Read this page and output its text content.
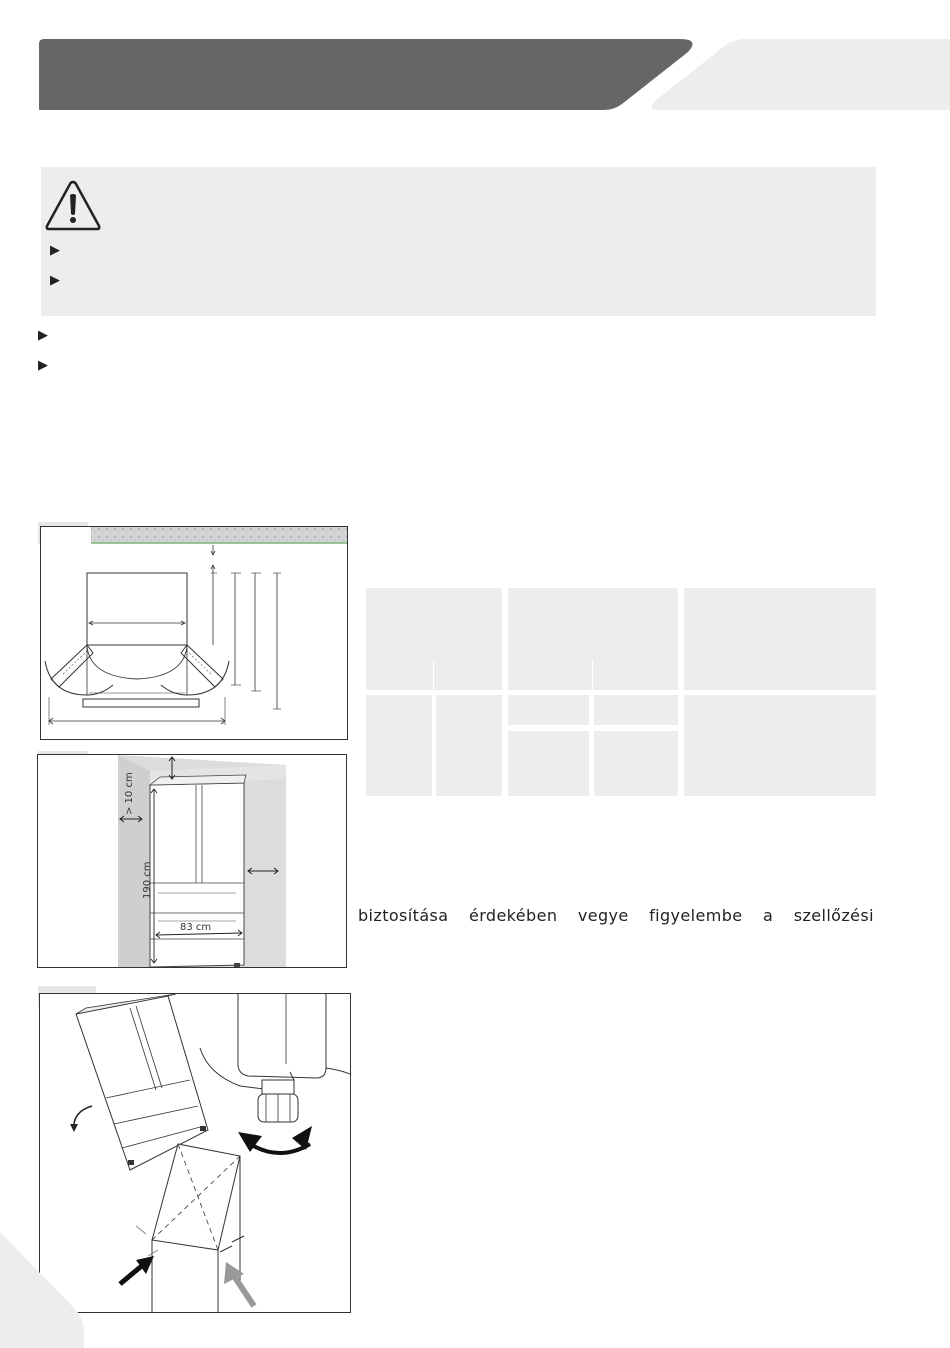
▶
▶
▶
▶
> 10 cm
190 cm
83 cm
biztosítása érdekében vegye figyelembe a szellőzési
